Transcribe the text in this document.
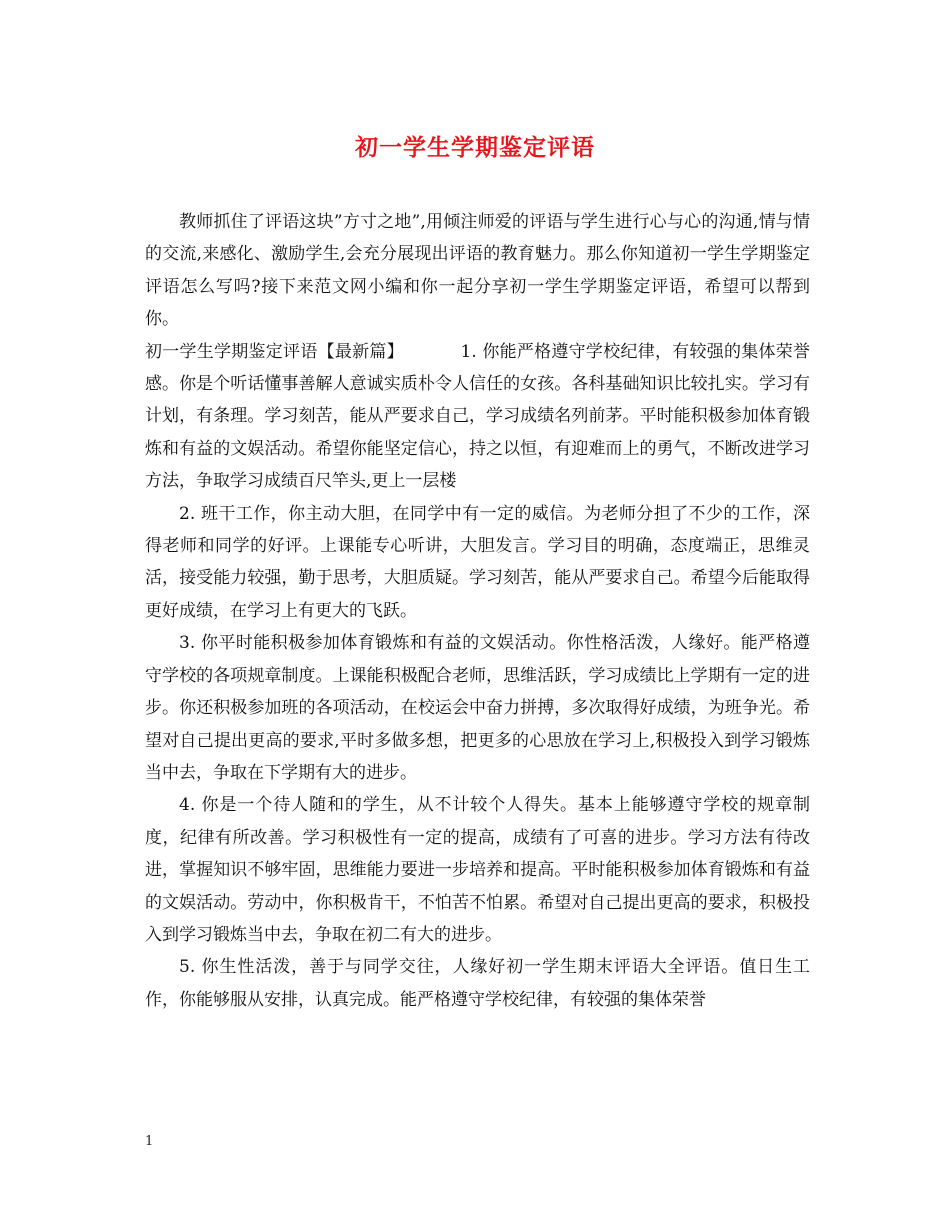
初一学生学期鉴定评语

教师抓住了评语这块”方寸之地”,用倾注师爱的评语与学生进行心与心的沟通,情与情的交流,来感化、激励学生,会充分展现出评语的教育魅力。那么你知道初一学生学期鉴定评语怎么写吗?接下来范文网小编和你一起分享初一学生学期鉴定评语，希望可以帮到你。

初一学生学期鉴定评语【最新篇】	1. 你能严格遵守学校纪律，有较强的集体荣誉感。你是个听话懂事善解人意诚实质朴令人信任的女孩。各科基础知识比较扎实。学习有计划，有条理。学习刻苦，能从严要求自己，学习成绩名列前茅。平时能积极参加体育锻炼和有益的文娱活动。希望你能坚定信心，持之以恒，有迎难而上的勇气，不断改进学习方法，争取学习成绩百尺竿头,更上一层楼

2. 班干工作，你主动大胆，在同学中有一定的威信。为老师分担了不少的工作，深得老师和同学的好评。上课能专心听讲，大胆发言。学习目的明确，态度端正，思维灵活，接受能力较强，勤于思考，大胆质疑。学习刻苦，能从严要求自己。希望今后能取得更好成绩，在学习上有更大的飞跃。

3. 你平时能积极参加体育锻炼和有益的文娱活动。你性格活泼，人缘好。能严格遵守学校的各项规章制度。上课能积极配合老师，思维活跃，学习成绩比上学期有一定的进步。你还积极参加班的各项活动，在校运会中奋力拼搏，多次取得好成绩，为班争光。希望对自己提出更高的要求,平时多做多想，把更多的心思放在学习上,积极投入到学习锻炼当中去，争取在下学期有大的进步。

4. 你是一个待人随和的学生，从不计较个人得失。基本上能够遵守学校的规章制度，纪律有所改善。学习积极性有一定的提高，成绩有了可喜的进步。学习方法有待改进，掌握知识不够牢固，思维能力要进一步培养和提高。平时能积极参加体育锻炼和有益的文娱活动。劳动中，你积极肯干，不怕苦不怕累。希望对自己提出更高的要求，积极投入到学习锻炼当中去，争取在初二有大的进步。

5. 你生性活泼，善于与同学交往，人缘好初一学生期末评语大全评语。值日生工作，你能够服从安排，认真完成。能严格遵守学校纪律，有较强的集体荣誉

1
